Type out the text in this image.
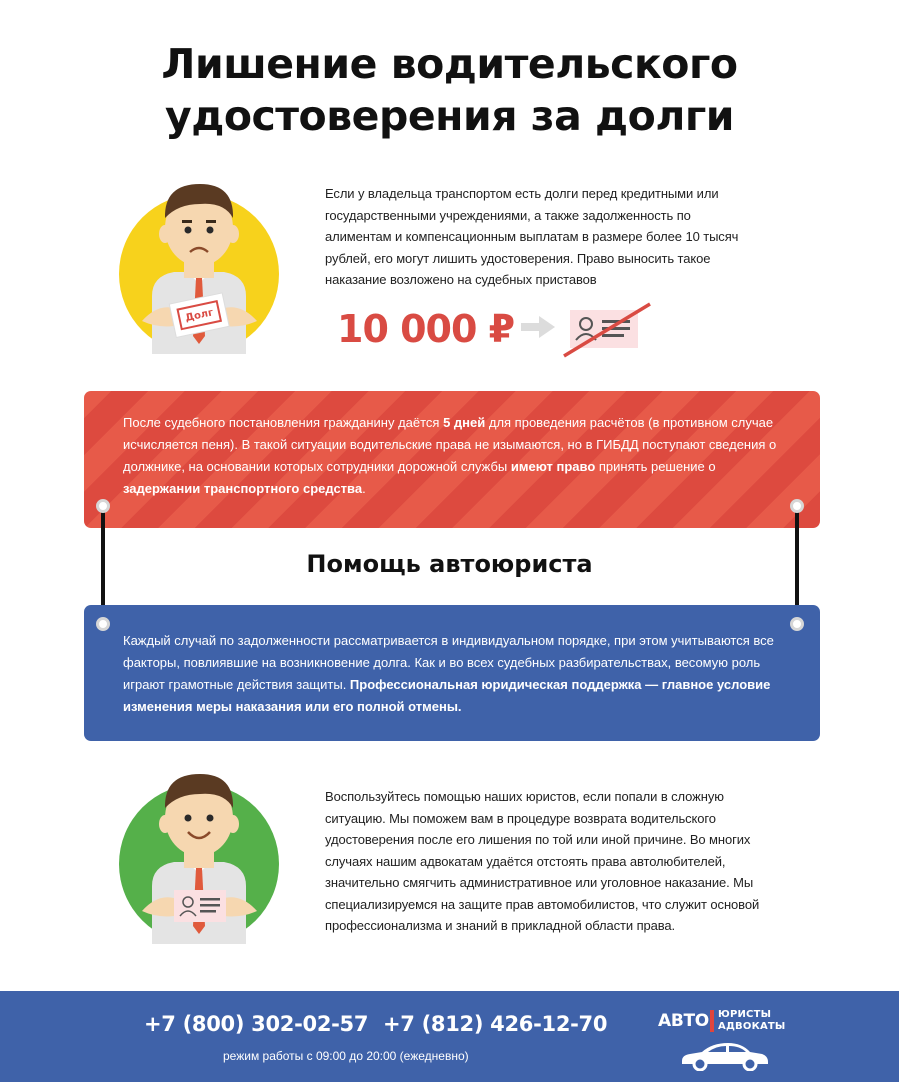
Лишение водительского
удостоверения за долги
Долг
Если у владельца транспортом есть долги перед кредитными или государственными учреждениями, а также задолженность по алиментам и компенсационным выплатам в размере более 10 тысяч рублей, его могут лишить удостоверения. Право выносить такое наказание возложено на судебных приставов
10 000 ₽
После судебного постановления гражданину даётся 5 дней для проведения расчётов (в противном случае исчисляется пеня). В такой ситуации водительские права не изымаются, но в ГИБДД поступают сведения о должнике, на основании которых сотрудники дорожной службы имеют право принять решение о задержании транспортного средства.
Помощь автоюриста
Каждый случай по задолженности рассматривается в индивидуальном порядке, при этом учитываются все факторы, повлиявшие на возникновение долга. Как и во всех судебных разбирательствах, весомую роль играют грамотные действия защиты. Профессиональная юридическая поддержка — главное условие изменения меры наказания или его полной отмены.
Воспользуйтесь помощью наших юристов, если попали в сложную ситуацию. Мы поможем вам в процедуре возврата водительского удостоверения после его лишения по той или иной причине. Во многих случаях нашим адвокатам удаётся отстоять права автолюбителей, значительно смягчить административное или уголовное наказание. Мы специализируемся на защите прав автомобилистов, что служит основой профессионализма и знаний в прикладной области права.
+7 (800) 302-02-57 +7 (812) 426-12-70
режим работы с 09:00 до 20:00 (ежедневно)
АВТО ЮРИСТЫ
АДВОКАТЫ
